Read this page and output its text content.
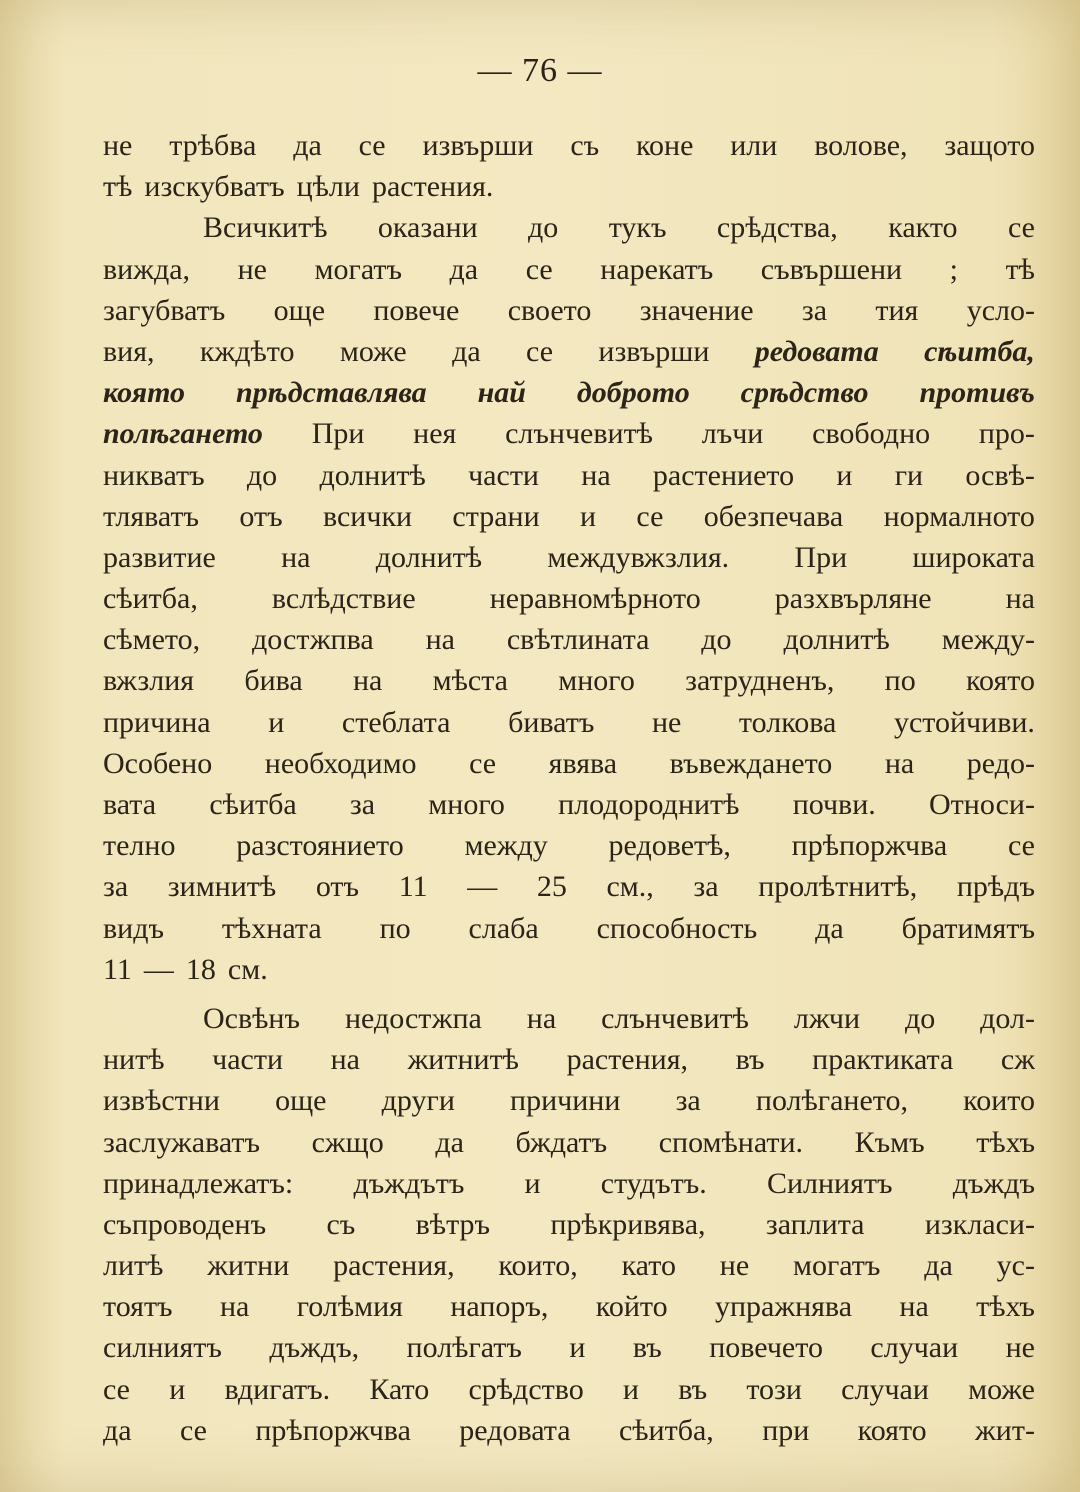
— 76 —
не трѣбва да се извърши съ коне или волове, защото
тѣ изскубватъ цѣли растения.
Всичкитѣ оказани до тукъ срѣдства, както се
вижда, не могатъ да се нарекатъ съвършени ; тѣ
загубватъ още повече своето значение за тия усло-
вия, кждѣто може да се извърши редовата сѣитба,
която прѣдставлява най доброто срѣдство противъ
полѣгането При нея слънчевитѣ лъчи свободно про-
никватъ до долнитѣ части на растението и ги освѣ-
тляватъ отъ всички страни и се обезпечава нормалното
развитие на долнитѣ междувжзлия. При широката
сѣитба, вслѣдствие неравномѣрното разхвърляне на
сѣмето, достжпва на свѣтлината до долнитѣ между-
вжзлия бива на мѣста много затрудненъ, по която
причина и стеблата биватъ не толкова устойчиви.
Особено необходимо се явява въвеждането на редо-
вата сѣитба за много плодороднитѣ почви. Относи-
телно разстоянието между редоветѣ, прѣпоржчва се
за зимнитѣ отъ 11 — 25 см., за пролѣтнитѣ, прѣдъ
видъ тѣхната по слаба способность да братимятъ
11 — 18 см.
Освѣнъ недостжпа на слънчевитѣ лжчи до дол-
нитѣ части на житнитѣ растения, въ практиката сж
извѣстни още други причини за полѣгането, които
заслужаватъ сжщо да бждатъ спомѣнати. Къмъ тѣхъ
принадлежатъ: дъждътъ и студътъ. Силниятъ дъждъ
съпроводенъ съ вѣтръ прѣкривява, заплита изкласи-
литѣ житни растения, които, като не могатъ да ус-
тоятъ на голѣмия напоръ, който упражнява на тѣхъ
силниятъ дъждъ, полѣгатъ и въ повечето случаи не
се и вдигатъ. Като срѣдство и въ този случаи може
да се прѣпоржчва редовата сѣитба, при която жит-
